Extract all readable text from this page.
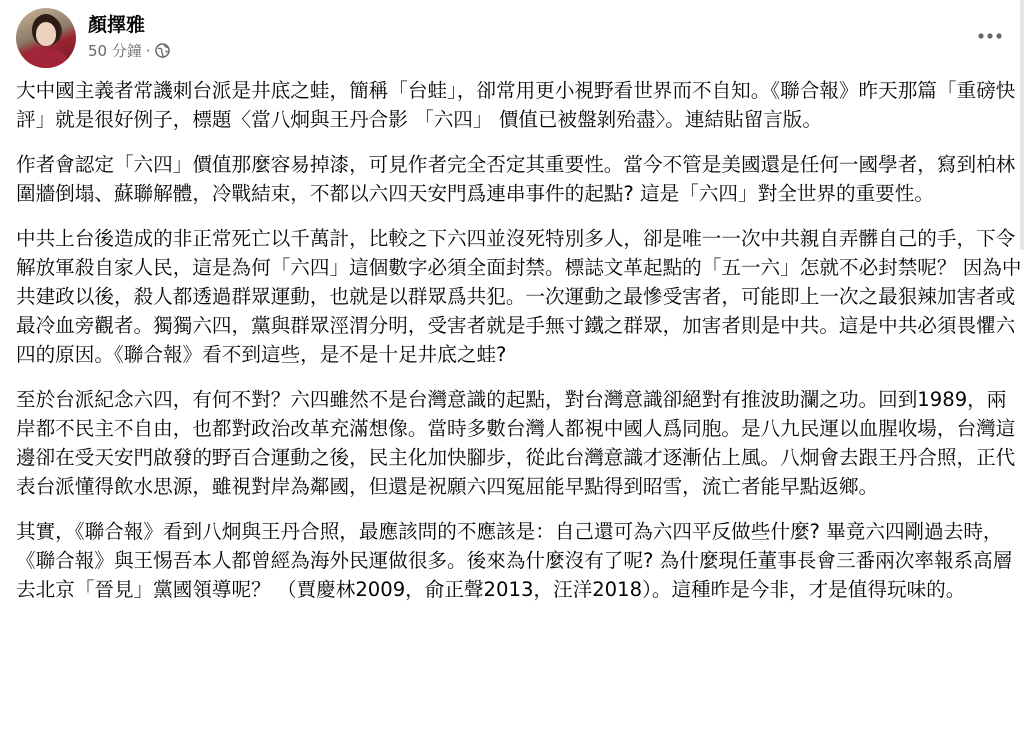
顏擇雅
50 分鐘 ·

大中國主義者常譏刺台派是井底之蛙，簡稱「台蛙」，卻常用更小視野看世界而不自知。《聯合報》昨天那篇「重磅快評」就是很好例子，標題〈當八炯與王丹合影 「六四」 價值已被盤剝殆盡〉。連結貼留言版。

作者會認定「六四」價值那麼容易掉漆，可見作者完全否定其重要性。當今不管是美國還是任何一國學者，寫到柏林圍牆倒塌、蘇聯解體，冷戰結束，不都以六四天安門爲連串事件的起點? 這是「六四」對全世界的重要性。

中共上台後造成的非正常死亡以千萬計，比較之下六四並沒死特別多人，卻是唯一一次中共親自弄髒自己的手，下令解放軍殺自家人民，這是為何「六四」這個數字必須全面封禁。標誌文革起點的「五一六」怎就不必封禁呢？ 因為中共建政以後，殺人都透過群眾運動，也就是以群眾爲共犯。一次運動之最慘受害者，可能即上一次之最狠辣加害者或最冷血旁觀者。獨獨六四，黨與群眾涇渭分明，受害者就是手無寸鐵之群眾，加害者則是中共。這是中共必須畏懼六四的原因。《聯合報》看不到這些，是不是十足井底之蛙?

至於台派紀念六四，有何不對？六四雖然不是台灣意識的起點，對台灣意識卻絕對有推波助瀾之功。回到1989，兩岸都不民主不自由，也都對政治改革充滿想像。當時多數台灣人都視中國人爲同胞。是八九民運以血腥收場，台灣這邊卻在受天安門啟發的野百合運動之後，民主化加快腳步，從此台灣意識才逐漸佔上風。八炯會去跟王丹合照，正代表台派懂得飲水思源，雖視對岸為鄰國，但還是祝願六四冤屈能早點得到昭雪，流亡者能早點返鄉。

其實，《聯合報》看到八炯與王丹合照，最應該問的不應該是：自己還可為六四平反做些什麼? 畢竟六四剛過去時，《聯合報》與王惕吾本人都曾經為海外民運做很多。後來為什麼沒有了呢? 為什麼現任董事長會三番兩次率報系高層去北京「晉見」黨國領導呢？ （賈慶林2009，俞正聲2013，汪洋2018）。這種昨是今非，才是值得玩味的。
